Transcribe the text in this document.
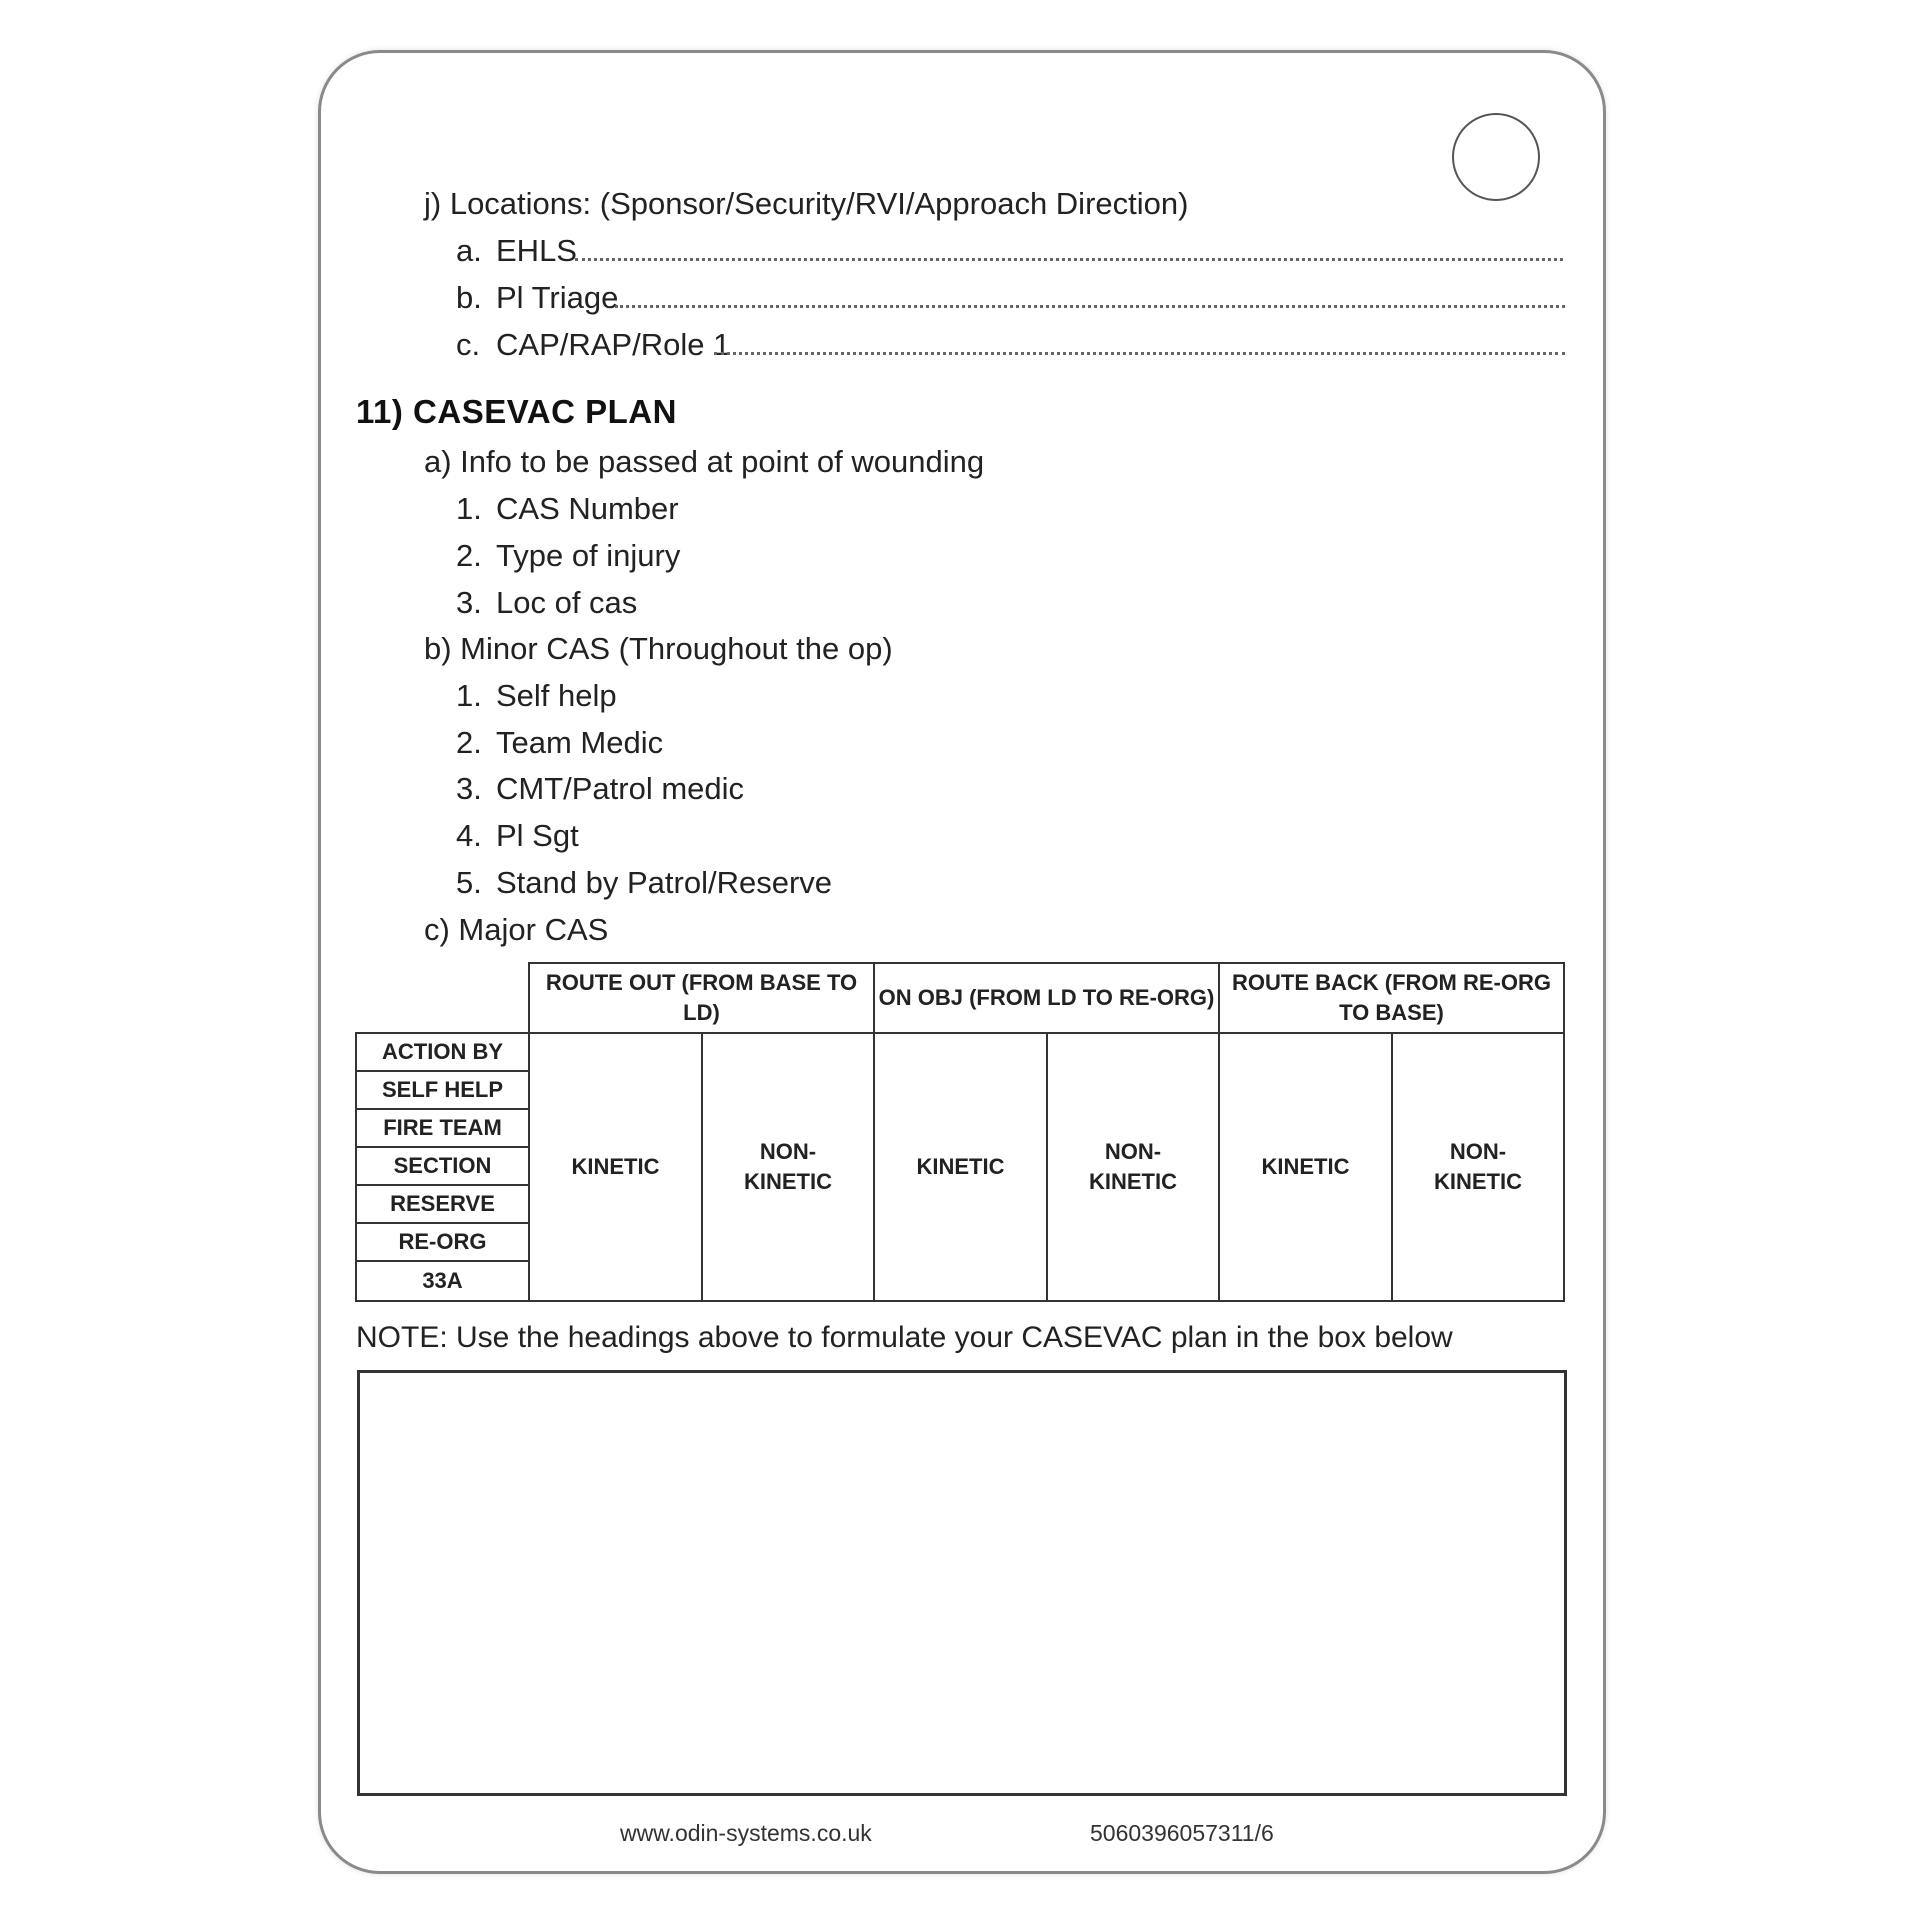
j) Locations: (Sponsor/Security/RVI/Approach Direction)
a. EHLS
b. Pl Triage
c. CAP/RAP/Role 1
11) CASEVAC PLAN
a) Info to be passed at point of wounding
1. CAS Number
2. Type of injury
3. Loc of cas
b) Minor CAS (Throughout the op)
1. Self help
2. Team Medic
3. CMT/Patrol medic
4. Pl Sgt
5. Stand by Patrol/Reserve
c) Major CAS
ROUTE OUT (FROM BASE TO LD)
ON OBJ (FROM LD TO RE-ORG)
ROUTE BACK (FROM RE-ORG TO BASE)
KINETIC
NON-KINETIC
KINETIC
NON-KINETIC
KINETIC
NON-KINETIC
ACTION BY
SELF HELP
FIRE TEAM
SECTION
RESERVE
RE-ORG
33A
NOTE: Use the headings above to formulate your CASEVAC plan in the box below
www.odin-systems.co.uk	5060396057311/6
